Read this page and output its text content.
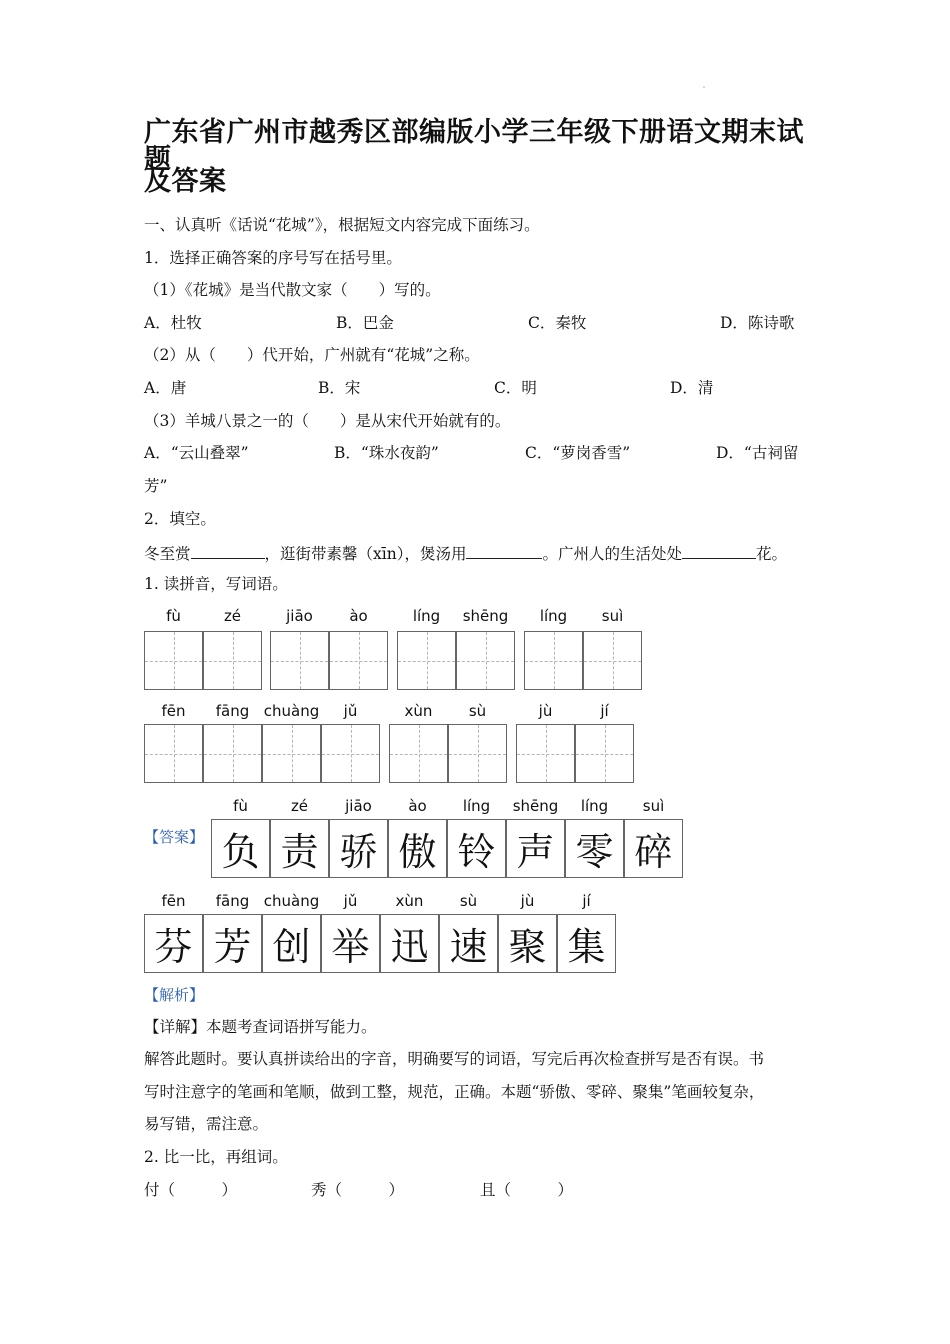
广东省广州市越秀区部编版小学三年级下册语文期末试题
及答案
一、认真听《话说“花城”》，根据短文内容完成下面练习。
1．选择正确答案的序号写在括号里。
（1）《花城》是当代散文家（　　）写的。
A．杜牧	B．巴金	C．秦牧	D．陈诗歌
（2）从（　　）代开始，广州就有“花城”之称。
A．唐	B．宋	C．明	D．清
（3）羊城八景之一的（　　）是从宋代开始就有的。
A．“云山叠翠”	B．“珠水夜韵”	C．“萝岗香雪”	D．“古祠留
芳”
2．填空。
冬至赏	，逛街带素馨（xīn），煲汤用	。广州人的生活处处	花。
1. 读拼音，写词语。
fù	zé	jiāo	ào	líng	shēng	líng	suì
fēn	fāng chuàng	jǔ	xùn	sù	jù	jí
【答案】
fù	zé	jiāo	ào	líng	shēng	líng	suì
负 责 骄 傲 铃 声 零 碎
fēn	fāng chuàng	jǔ	xùn	sù	jù	jí
芬 芳 创 举 迅 速 聚 集
【解析】
【详解】本题考查词语拼写能力。
解答此题时。要认真拼读给出的字音，明确要写的词语，写完后再次检查拼写是否有误。书
写时注意字的笔画和笔顺，做到工整，规范，正确。本题“骄傲、零碎、聚集”笔画较复杂，
易写错，需注意。
2. 比一比，再组词。
付（　　　）	秀（　　　）	且（　　　）
